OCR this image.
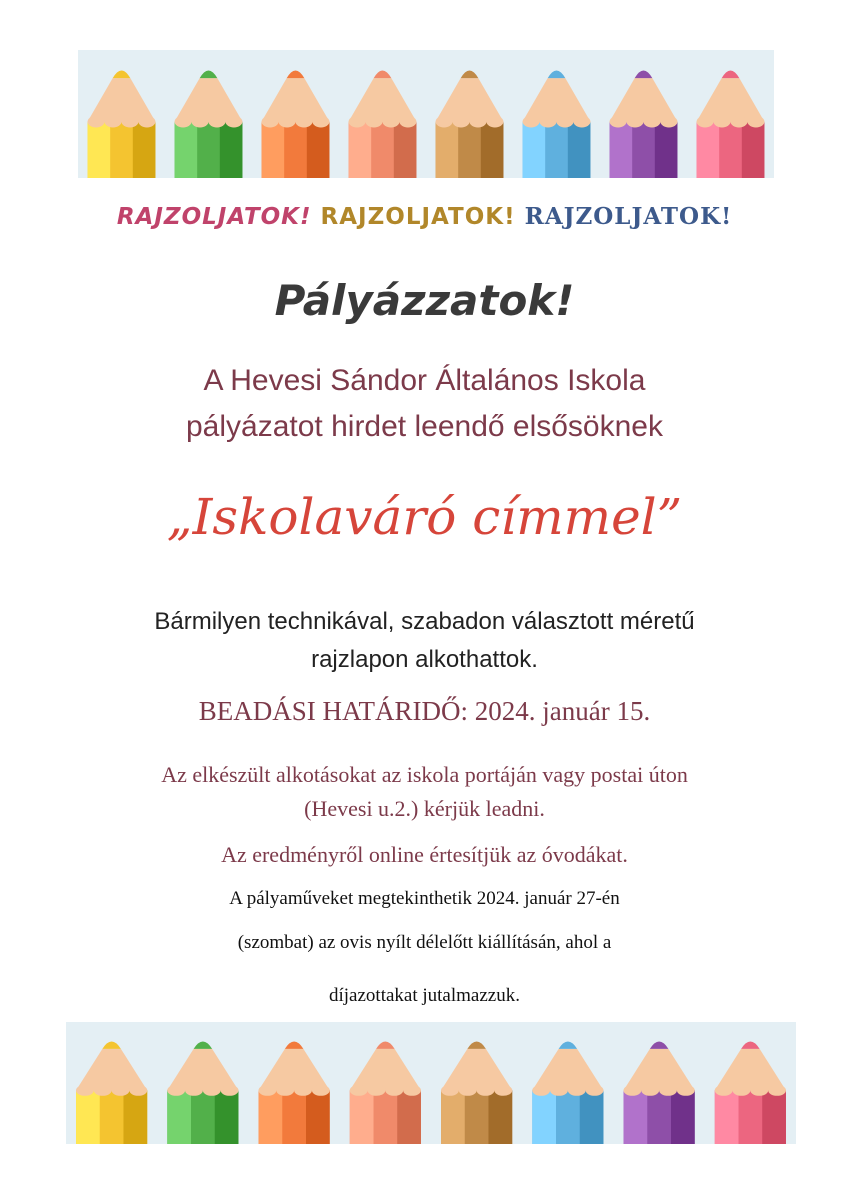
RAJZOLJATOK! RAJZOLJATOK! RAJZOLJATOK!
Pályázzatok!
A Hevesi Sándor Általános Iskola
pályázatot hirdet leendő elsősöknek
„Iskolaváró címmel”
Bármilyen technikával, szabadon választott méretű
rajzlapon alkothattok.
BEADÁSI HATÁRIDŐ: 2024. január 15.
Az elkészült alkotásokat az iskola portáján vagy postai úton
(Hevesi u.2.) kérjük leadni.
Az eredményről online értesítjük az óvodákat.
A pályaműveket megtekinthetik 2024. január 27-én
(szombat) az ovis nyílt délelőtt kiállításán, ahol a
díjazottakat jutalmazzuk.
